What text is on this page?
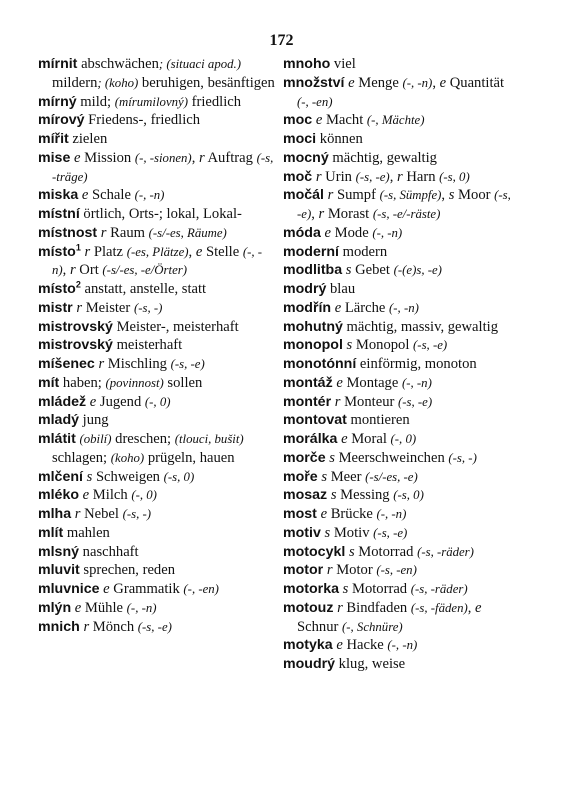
172
mírnit abschwächen; (situaci apod.) mildern; (koho) beruhigen, besänftigen
mírný mild; (mírumilovný) friedlich
mírový Friedens-, friedlich
mířit zielen
mise e Mission (-, -sionen), r Auftrag (-s, -träge)
miska e Schale (-, -n)
místní örtlich, Orts-; lokal, Lokal-
místnost r Raum (-s/-es, Räume)
místo$^1$ r Platz (-es, Plätze), e Stelle (-, -n), r Ort (-s/-es, -e/Örter)
místo$^2$ anstatt, anstelle, statt
mistr r Meister (-s, -)
mistrovský Meister-, meisterhaft
mistrovský meisterhaft
míšenec r Mischling (-s, -e)
mít haben; (povinnost) sollen
mládež e Jugend (-, 0)
mladý jung
mlátit (obilí) dreschen; (tlouci, bušit) schlagen; (koho) prügeln, hauen
mlčení s Schweigen (-s, 0)
mléko e Milch (-, 0)
mlha r Nebel (-s, -)
mlít mahlen
mlsný naschhaft
mluvit sprechen, reden
mluvnice e Grammatik (-, -en)
mlýn e Mühle (-, -n)
mnich r Mönch (-s, -e)
mnoho viel
množství e Menge (-, -n), e Quantität (-, -en)
moc e Macht (-, Mächte)
moci können
mocný mächtig, gewaltig
moč r Urin (-s, -e), r Harn (-s, 0)
močál r Sumpf (-s, Sümpfe), s Moor (-s, -e), r Morast (-s, -e/-räste)
móda e Mode (-, -n)
moderní modern
modlitba s Gebet (-(e)s, -e)
modrý blau
modřín e Lärche (-, -n)
mohutný mächtig, massiv, gewaltig
monopol s Monopol (-s, -e)
monotónní einförmig, monoton
montáž e Montage (-, -n)
montér r Monteur (-s, -e)
montovat montieren
morálka e Moral (-, 0)
morče s Meerschweinchen (-s, -)
moře s Meer (-s/-es, -e)
mosaz s Messing (-s, 0)
most e Brücke (-, -n)
motiv s Motiv (-s, -e)
motocykl s Motorrad (-s, -räder)
motor r Motor (-s, -en)
motorka s Motorrad (-s, -räder)
motouz r Bindfaden (-s, -fäden), e Schnur (-, Schnüre)
motyka e Hacke (-, -n)
moudrý klug, weise
